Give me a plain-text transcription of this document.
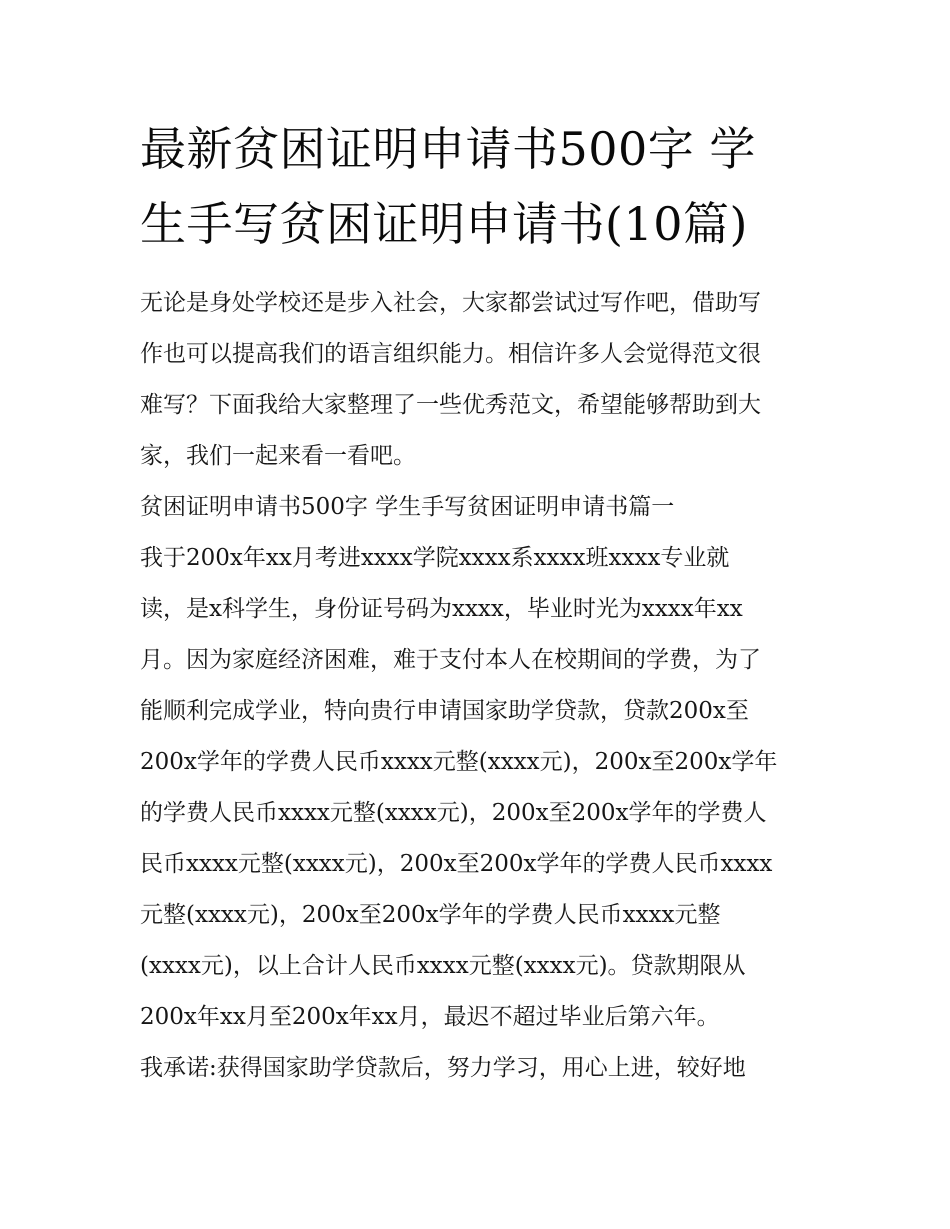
最新贫困证明申请书500字 学
生手写贫困证明申请书(10篇)
无论是身处学校还是步入社会，大家都尝试过写作吧，借助写
作也可以提高我们的语言组织能力。相信许多人会觉得范文很
难写？下面我给大家整理了一些优秀范文，希望能够帮助到大
家，我们一起来看一看吧。
贫困证明申请书500字 学生手写贫困证明申请书篇一
我于200x年xx月考进xxxx学院xxxx系xxxx班xxxx专业就
读，是x科学生，身份证号码为xxxx，毕业时光为xxxx年xx
月。因为家庭经济困难，难于支付本人在校期间的学费，为了
能顺利完成学业，特向贵行申请国家助学贷款，贷款200x至
200x学年的学费人民币xxxx元整(xxxx元)，200x至200x学年
的学费人民币xxxx元整(xxxx元)，200x至200x学年的学费人
民币xxxx元整(xxxx元)，200x至200x学年的学费人民币xxxx
元整(xxxx元)，200x至200x学年的学费人民币xxxx元整
(xxxx元)，以上合计人民币xxxx元整(xxxx元)。贷款期限从
200x年xx月至200x年xx月，最迟不超过毕业后第六年。
我承诺:获得国家助学贷款后，努力学习，用心上进，较好地
